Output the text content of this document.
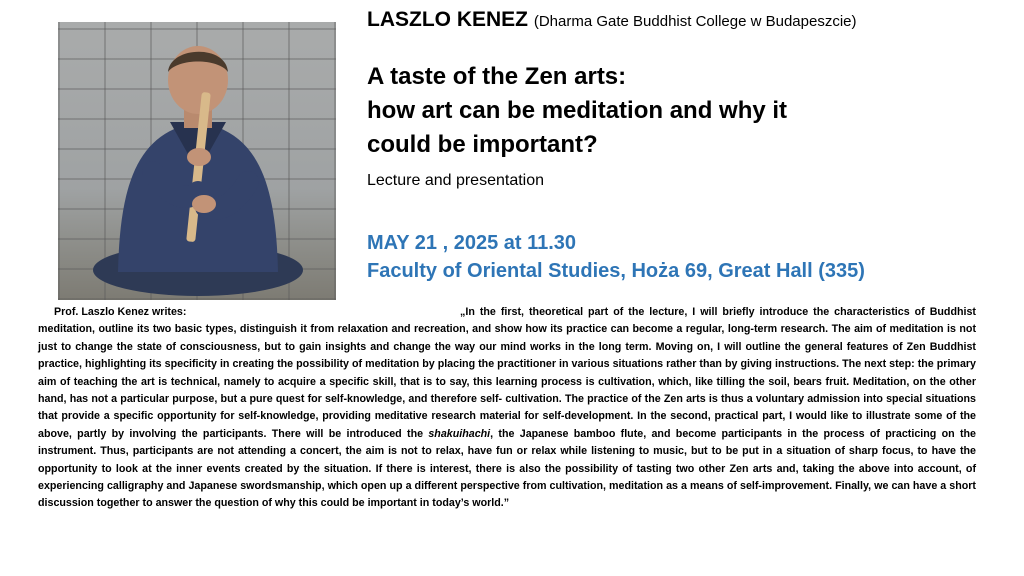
LASZLO KENEZ (Dharma Gate Buddhist College w Budapeszcie)

A taste of the Zen arts:
how art can be meditation and why it
could be important?
Lecture and presentation
MAY 21 , 2025 at 11.30
Faculty of Oriental Studies, Hoża 69, Great Hall (335)

Prof. Laszlo Kenez writes:	„In the first, theoretical part of the lecture, I will briefly introduce the characteristics of Buddhist meditation, outline its two basic types, distinguish it from relaxation and recreation, and show how its practice can become a regular, long-term research. The aim of meditation is not just to change the state of consciousness, but to gain insights and change the way our mind works in the long term. Moving on, I will outline the general features of Zen Buddhist practice, highlighting its specificity in creating the possibility of meditation by placing the practitioner in various situations rather than by giving instructions. The next step: the primary aim of teaching the art is technical, namely to acquire a specific skill, that is to say, this learning process is cultivation, which, like tilling the soil, bears fruit. Meditation, on the other hand, has not a particular purpose, but a pure quest for self-knowledge, and therefore self- cultivation. The practice of the Zen arts is thus a voluntary admission into special situations that provide a specific opportunity for self-knowledge, providing meditative research material for self-development. In the second, practical part, I would like to illustrate some of the above, partly by involving the participants. There will be introduced the shakuihachi, the Japanese bamboo flute, and become participants in the process of practicing on the instrument. Thus, participants are not attending a concert, the aim is not to relax, have fun or relax while listening to music, but to be put in a situation of sharp focus, to have the opportunity to look at the inner events created by the situation. If there is interest, there is also the possibility of tasting two other Zen arts and, taking the above into account, of experiencing calligraphy and Japanese swordsmanship, which open up a different perspective from cultivation, meditation as a means of self-improvement. Finally, we can have a short discussion together to answer the question of why this could be important in today’s world.”
